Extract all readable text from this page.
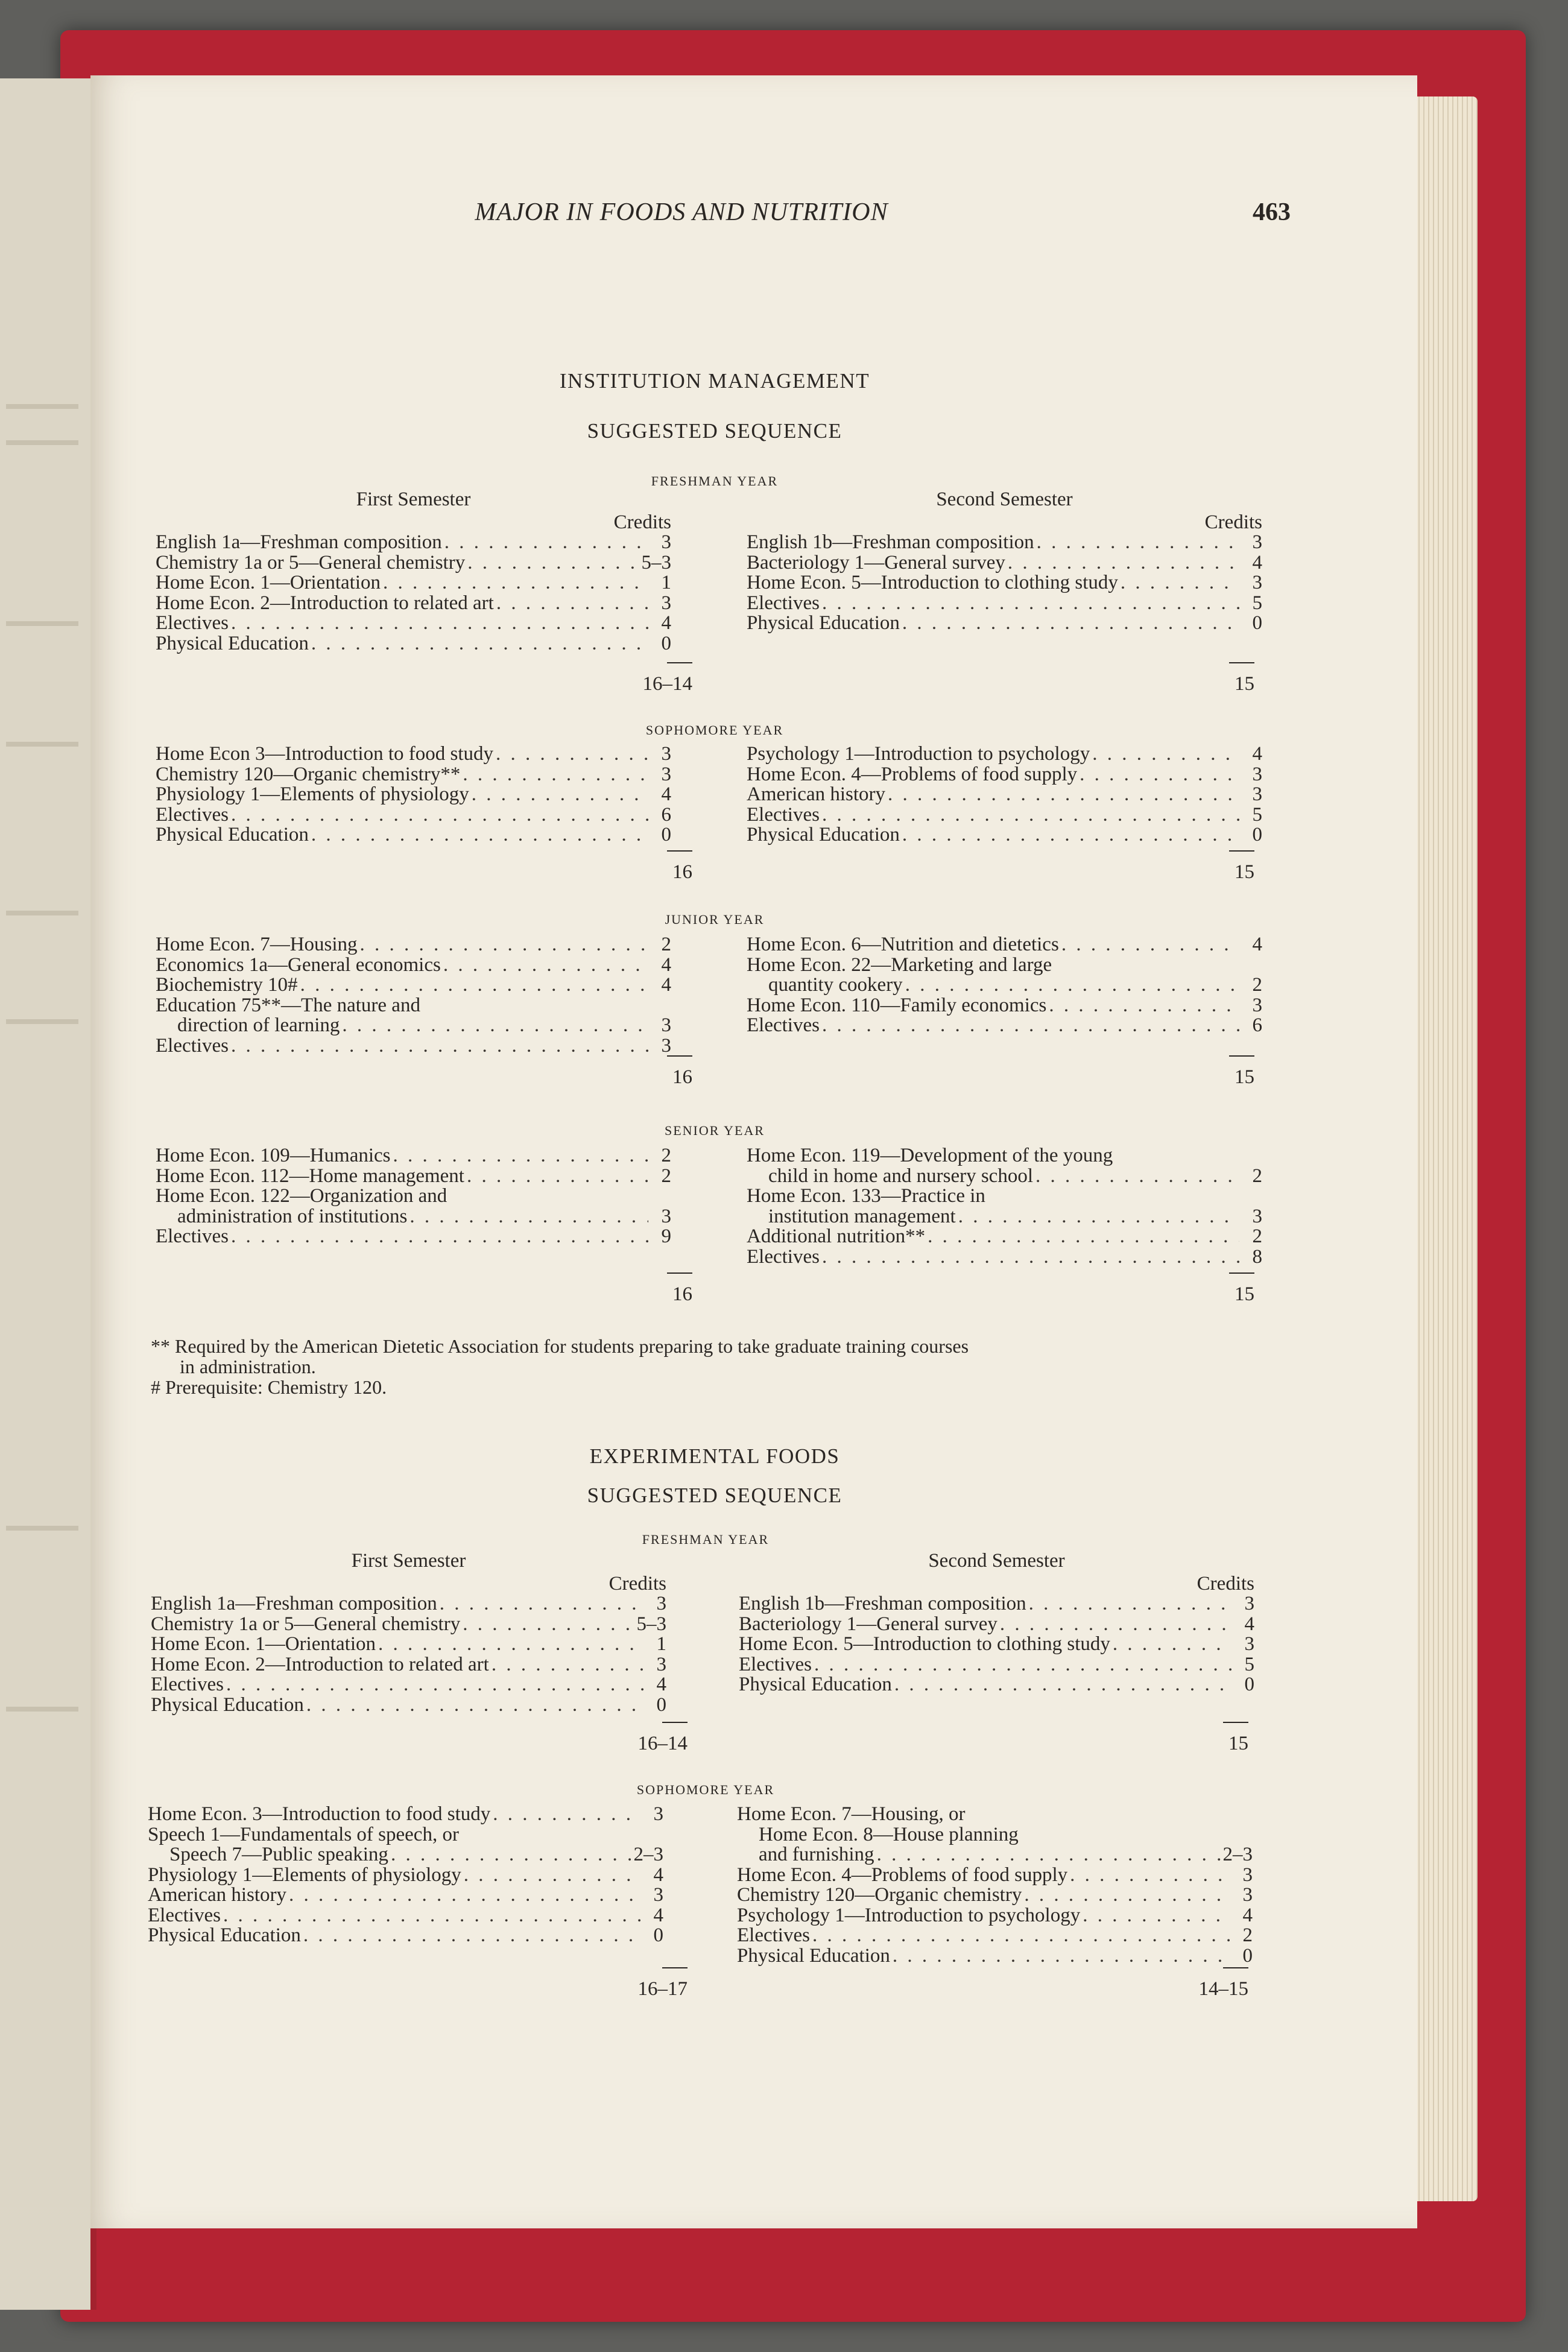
MAJOR IN FOODS AND NUTRITION	463
INSTITUTION MANAGEMENT
SUGGESTED SEQUENCE
FRESHMAN YEAR
First Semester
Credits
English 1a—Freshman composition . . .	3
Chemistry 1a or 5—General chemistry . . .	5–3
Home Econ. 1—Orientation . . .	1
Home Econ. 2—Introduction to related art . . .	3
Electives . . .	4
Physical Education . . .	0
Second Semester
Credits
English 1b—Freshman composition . . .	3
Bacteriology 1—General survey . . .	4
Home Econ. 5—Introduction to clothing study . . .	3
Electives . . .	5
Physical Education . . .	0
16–14	15
SOPHOMORE YEAR
Home Econ 3—Introduction to food study . . .	3
Chemistry 120—Organic chemistry** . . .	3
Physiology 1—Elements of physiology . . .	4
Electives . . .	6
Physical Education . . .	0
Psychology 1—Introduction to psychology . . .	4
Home Econ. 4—Problems of food supply . . .	3
American history . . .	3
Electives . . .	5
Physical Education . . .	0
16	15
JUNIOR YEAR
Home Econ. 7—Housing . . .	2
Economics 1a—General economics . . .	4
Biochemistry 10# . . .	4
Education 75**—The nature and
direction of learning . . .	3
Electives . . .	3
Home Econ. 6—Nutrition and dietetics . . .	4
Home Econ. 22—Marketing and large
quantity cookery . . .	2
Home Econ. 110—Family economics . . .	3
Electives . . .	6
16	15
SENIOR YEAR
Home Econ. 109—Humanics . . .	2
Home Econ. 112—Home management . . .	2
Home Econ. 122—Organization and
administration of institutions . . .	3
Electives . . .	9
Home Econ. 119—Development of the young
child in home and nursery school . . .	2
Home Econ. 133—Practice in
institution management . . .	3
Additional nutrition** . . .	2
Electives . . .	8
16	15
** Required by the American Dietetic Association for students preparing to take graduate training courses
in administration.
# Prerequisite: Chemistry 120.
EXPERIMENTAL FOODS
SUGGESTED SEQUENCE
FRESHMAN YEAR
First Semester
Credits
English 1a—Freshman composition . . .	3
Chemistry 1a or 5—General chemistry . . .	5–3
Home Econ. 1—Orientation . . .	1
Home Econ. 2—Introduction to related art . . .	3
Electives . . .	4
Physical Education . . .	0
Second Semester
Credits
English 1b—Freshman composition . . .	3
Bacteriology 1—General survey . . .	4
Home Econ. 5—Introduction to clothing study . . .	3
Electives . . .	5
Physical Education . . .	0
16–14	15
SOPHOMORE YEAR
Home Econ. 3—Introduction to food study . . .	3
Speech 1—Fundamentals of speech, or
Speech 7—Public speaking . . .	2–3
Physiology 1—Elements of physiology . . .	4
American history . . .	3
Electives . . .	4
Physical Education . . .	0
Home Econ. 7—Housing, or
Home Econ. 8—House planning
and furnishing . . .	2–3
Home Econ. 4—Problems of food supply . . .	3
Chemistry 120—Organic chemistry . . .	3
Psychology 1—Introduction to psychology . . .	4
Electives . . .	2
Physical Education . . .	0
16–17	14–15
